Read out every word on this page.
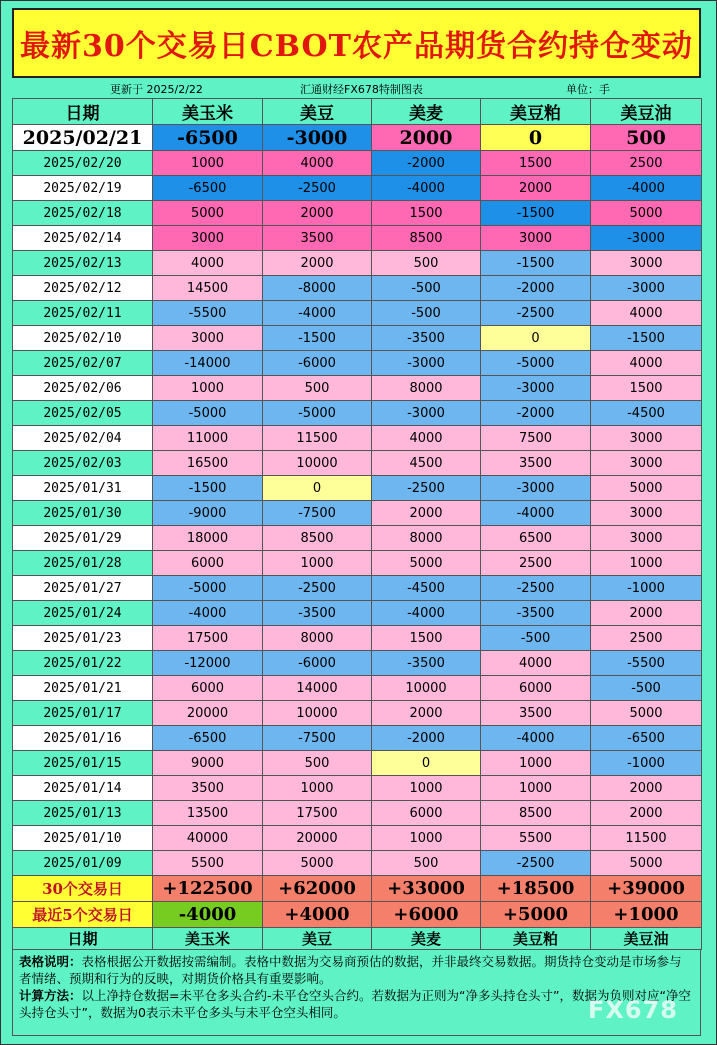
最新30个交易日CBOT农产品期货合约持仓变动
更新于 2025/2/22	汇通财经FX678特制图表	单位：手
日期	美玉米	美豆	美麦	美豆粕	美豆油
2025/02/21	-6500	-3000	2000	0	500
2025/02/20	1000	4000	-2000	1500	2500
2025/02/19	-6500	-2500	-4000	2000	-4000
2025/02/18	5000	2000	1500	-1500	5000
2025/02/14	3000	3500	8500	3000	-3000
2025/02/13	4000	2000	500	-1500	3000
2025/02/12	14500	-8000	-500	-2000	-3000
2025/02/11	-5500	-4000	-500	-2500	4000
2025/02/10	3000	-1500	-3500	0	-1500
2025/02/07	-14000	-6000	-3000	-5000	4000
2025/02/06	1000	500	8000	-3000	1500
2025/02/05	-5000	-5000	-3000	-2000	-4500
2025/02/04	11000	11500	4000	7500	3000
2025/02/03	16500	10000	4500	3500	3000
2025/01/31	-1500	0	-2500	-3000	5000
2025/01/30	-9000	-7500	2000	-4000	3000
2025/01/29	18000	8500	8000	6500	3000
2025/01/28	6000	1000	5000	2500	1000
2025/01/27	-5000	-2500	-4500	-2500	-1000
2025/01/24	-4000	-3500	-4000	-3500	2000
2025/01/23	17500	8000	1500	-500	2500
2025/01/22	-12000	-6000	-3500	4000	-5500
2025/01/21	6000	14000	10000	6000	-500
2025/01/17	20000	10000	2000	3500	5000
2025/01/16	-6500	-7500	-2000	-4000	-6500
2025/01/15	9000	500	0	1000	-1000
2025/01/14	3500	1000	1000	1000	2000
2025/01/13	13500	17500	6000	8500	2000
2025/01/10	40000	20000	1000	5500	11500
2025/01/09	5500	5000	500	-2500	5000
30个交易日	+122500	+62000	+33000	+18500	+39000
最近5个交易日	-4000	+4000	+6000	+5000	+1000
日期	美玉米	美豆	美麦	美豆粕	美豆油
表格说明：表格根据公开数据按需编制。表格中数据为交易商预估的数据，并非最终交易数据。期货持仓变动是市场参与者情绪、预期和行为的反映，对期货价格具有重要影响。
计算方法：以上净持仓数据=未平仓多头合约-未平仓空头合约。若数据为正则为“净多头持仓头寸”，数据为负则对应“净空头持仓头寸”，数据为0表示未平仓多头与未平仓空头相同。	FX678
